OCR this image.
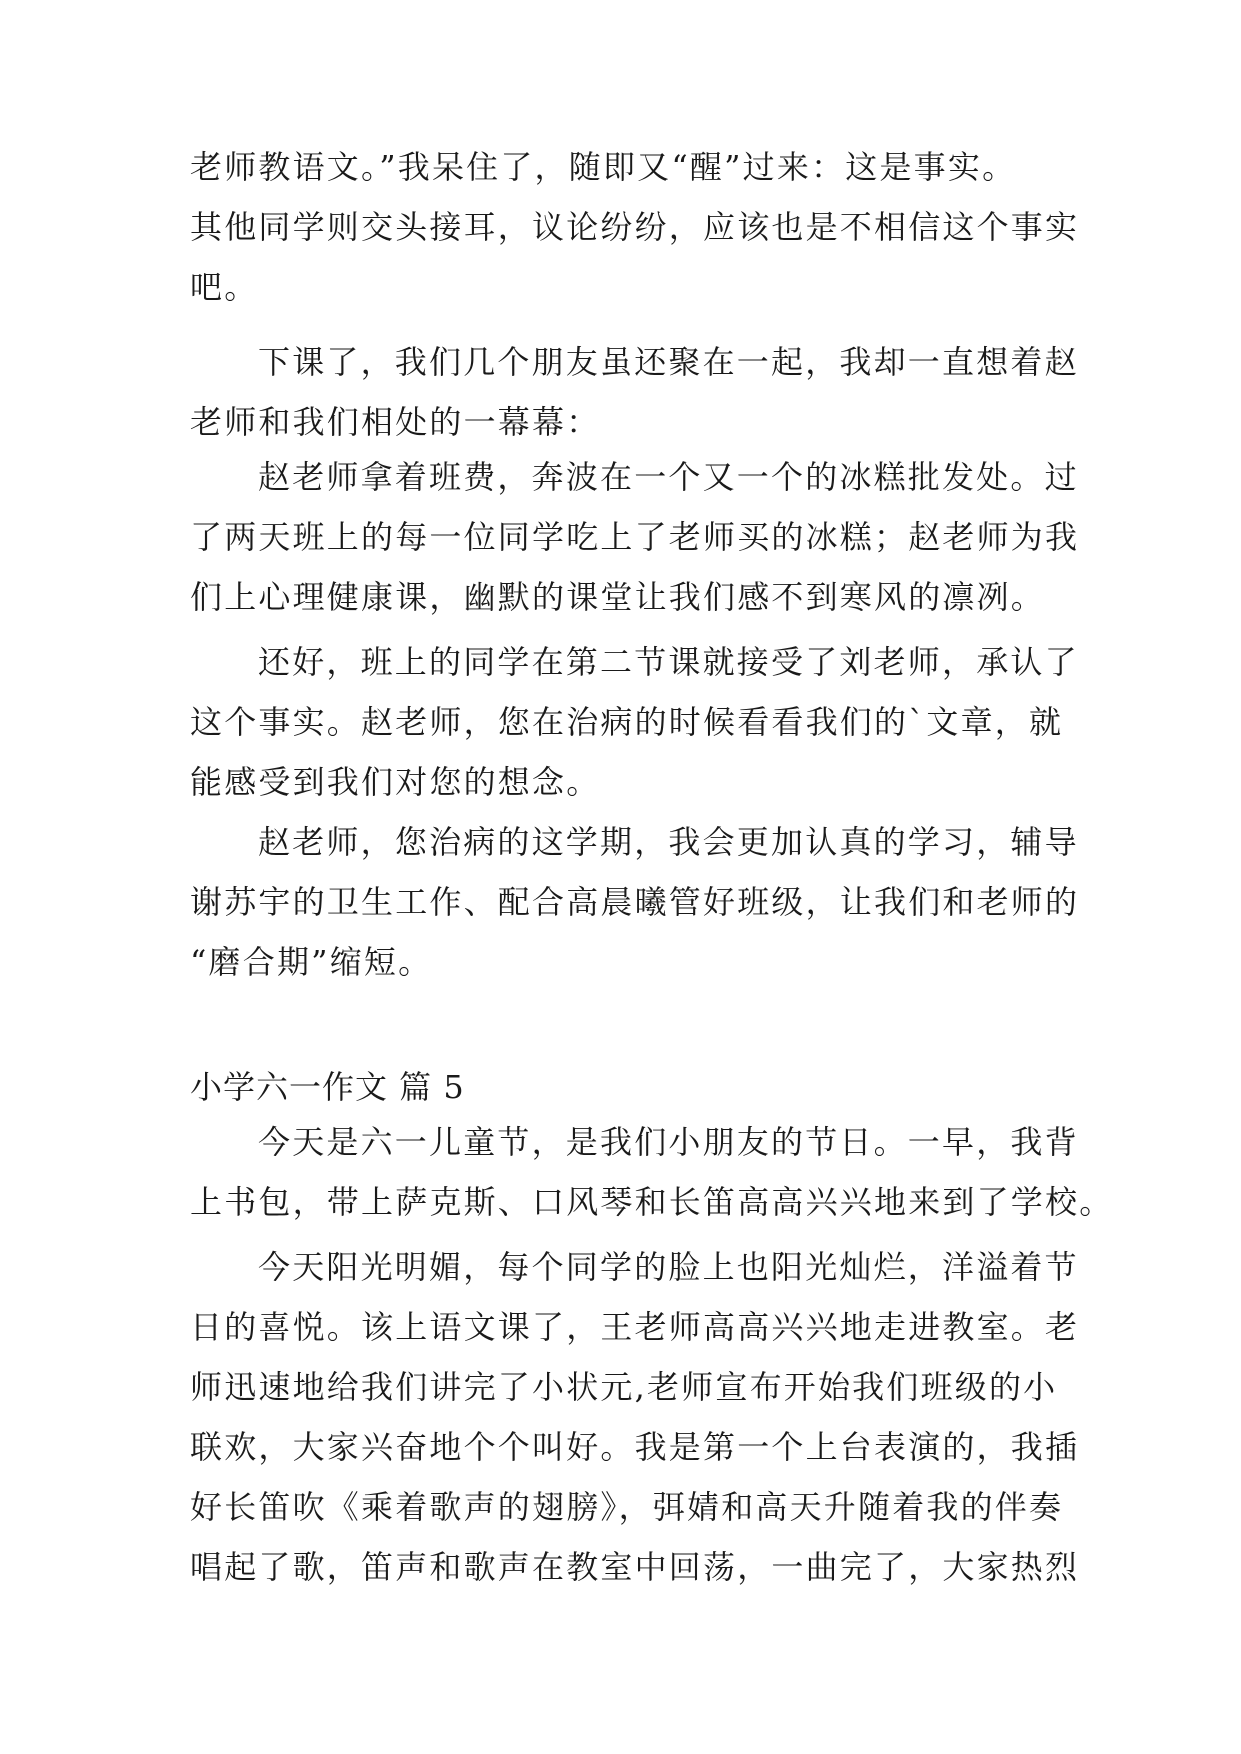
老师教语文。”我呆住了，随即又“醒”过来：这是事实。
其他同学则交头接耳，议论纷纷，应该也是不相信这个事实
吧。
下课了，我们几个朋友虽还聚在一起，我却一直想着赵
老师和我们相处的一幕幕：
赵老师拿着班费，奔波在一个又一个的冰糕批发处。过
了两天班上的每一位同学吃上了老师买的冰糕；赵老师为我
们上心理健康课，幽默的课堂让我们感不到寒风的凛冽。
还好，班上的同学在第二节课就接受了刘老师，承认了
这个事实。赵老师，您在治病的时候看看我们的`文章，就
能感受到我们对您的想念。
赵老师，您治病的这学期，我会更加认真的学习，辅导
谢苏宇的卫生工作、配合高晨曦管好班级，让我们和老师的
“磨合期”缩短。
小学六一作文 篇 5
今天是六一儿童节，是我们小朋友的节日。一早，我背
上书包，带上萨克斯、口风琴和长笛高高兴兴地来到了学校。
今天阳光明媚，每个同学的脸上也阳光灿烂，洋溢着节
日的喜悦。该上语文课了，王老师高高兴兴地走进教室。老
师迅速地给我们讲完了小状元,老师宣布开始我们班级的小
联欢，大家兴奋地个个叫好。我是第一个上台表演的，我插
好长笛吹《乘着歌声的翅膀》，弭婧和高天升随着我的伴奏
唱起了歌，笛声和歌声在教室中回荡，一曲完了，大家热烈
